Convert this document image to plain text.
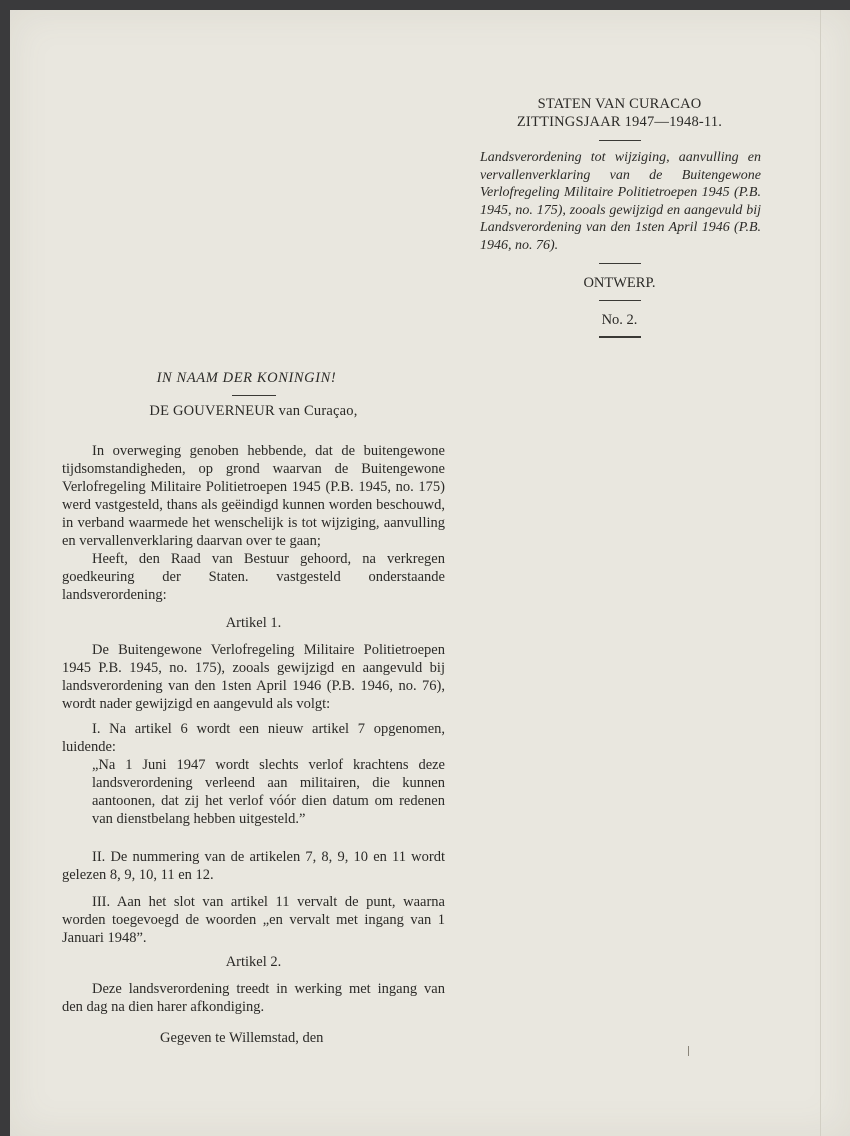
STATEN VAN CURACAO
ZITTINGSJAAR 1947—1948-11.
Landsverordening tot wijziging, aanvulling en vervallenverklaring van de Buitengewone Verlofregeling Militaire Politietroepen 1945 (P.B. 1945, no. 175), zooals gewijzigd en aangevuld bij Landsverordening van den 1sten April 1946 (P.B. 1946, no. 76).
ONTWERP.
No. 2.
IN NAAM DER KONINGIN!
DE GOUVERNEUR van Curaçao,

In overweging genoben hebbende, dat de buitengewone tijdsomstandigheden, op grond waarvan de Buitengewone Verlofregeling Militaire Politietroepen 1945 (P.B. 1945, no. 175) werd vastgesteld, thans als geëindigd kunnen worden beschouwd, in verband waarmede het wenschelijk is tot wijziging, aanvulling en vervallenverklaring daarvan over te gaan;

Heeft, den Raad van Bestuur gehoord, na verkregen goedkeuring der Staten. vastgesteld onderstaande landsverordening:

Artikel 1.

De Buitengewone Verlofregeling Militaire Politietroepen 1945 P.B. 1945, no. 175), zooals gewijzigd en aangevuld bij landsverordening van den 1sten April 1946 (P.B. 1946, no. 76), wordt nader gewijzigd en aangevuld als volgt:

I. Na artikel 6 wordt een nieuw artikel 7 opgenomen, luidende:

„Na 1 Juni 1947 wordt slechts verlof krachtens deze landsverordening verleend aan militairen, die kunnen aantoonen, dat zij het verlof vóór dien datum om redenen van dienstbelang hebben uitgesteld.”

II. De nummering van de artikelen 7, 8, 9, 10 en 11 wordt gelezen 8, 9, 10, 11 en 12.

III. Aan het slot van artikel 11 vervalt de punt, waarna worden toegevoegd de woorden „en vervalt met ingang van 1 Januari 1948”.

Artikel 2.

Deze landsverordening treedt in werking met ingang van den dag na dien harer afkondiging.

Gegeven te Willemstad, den
